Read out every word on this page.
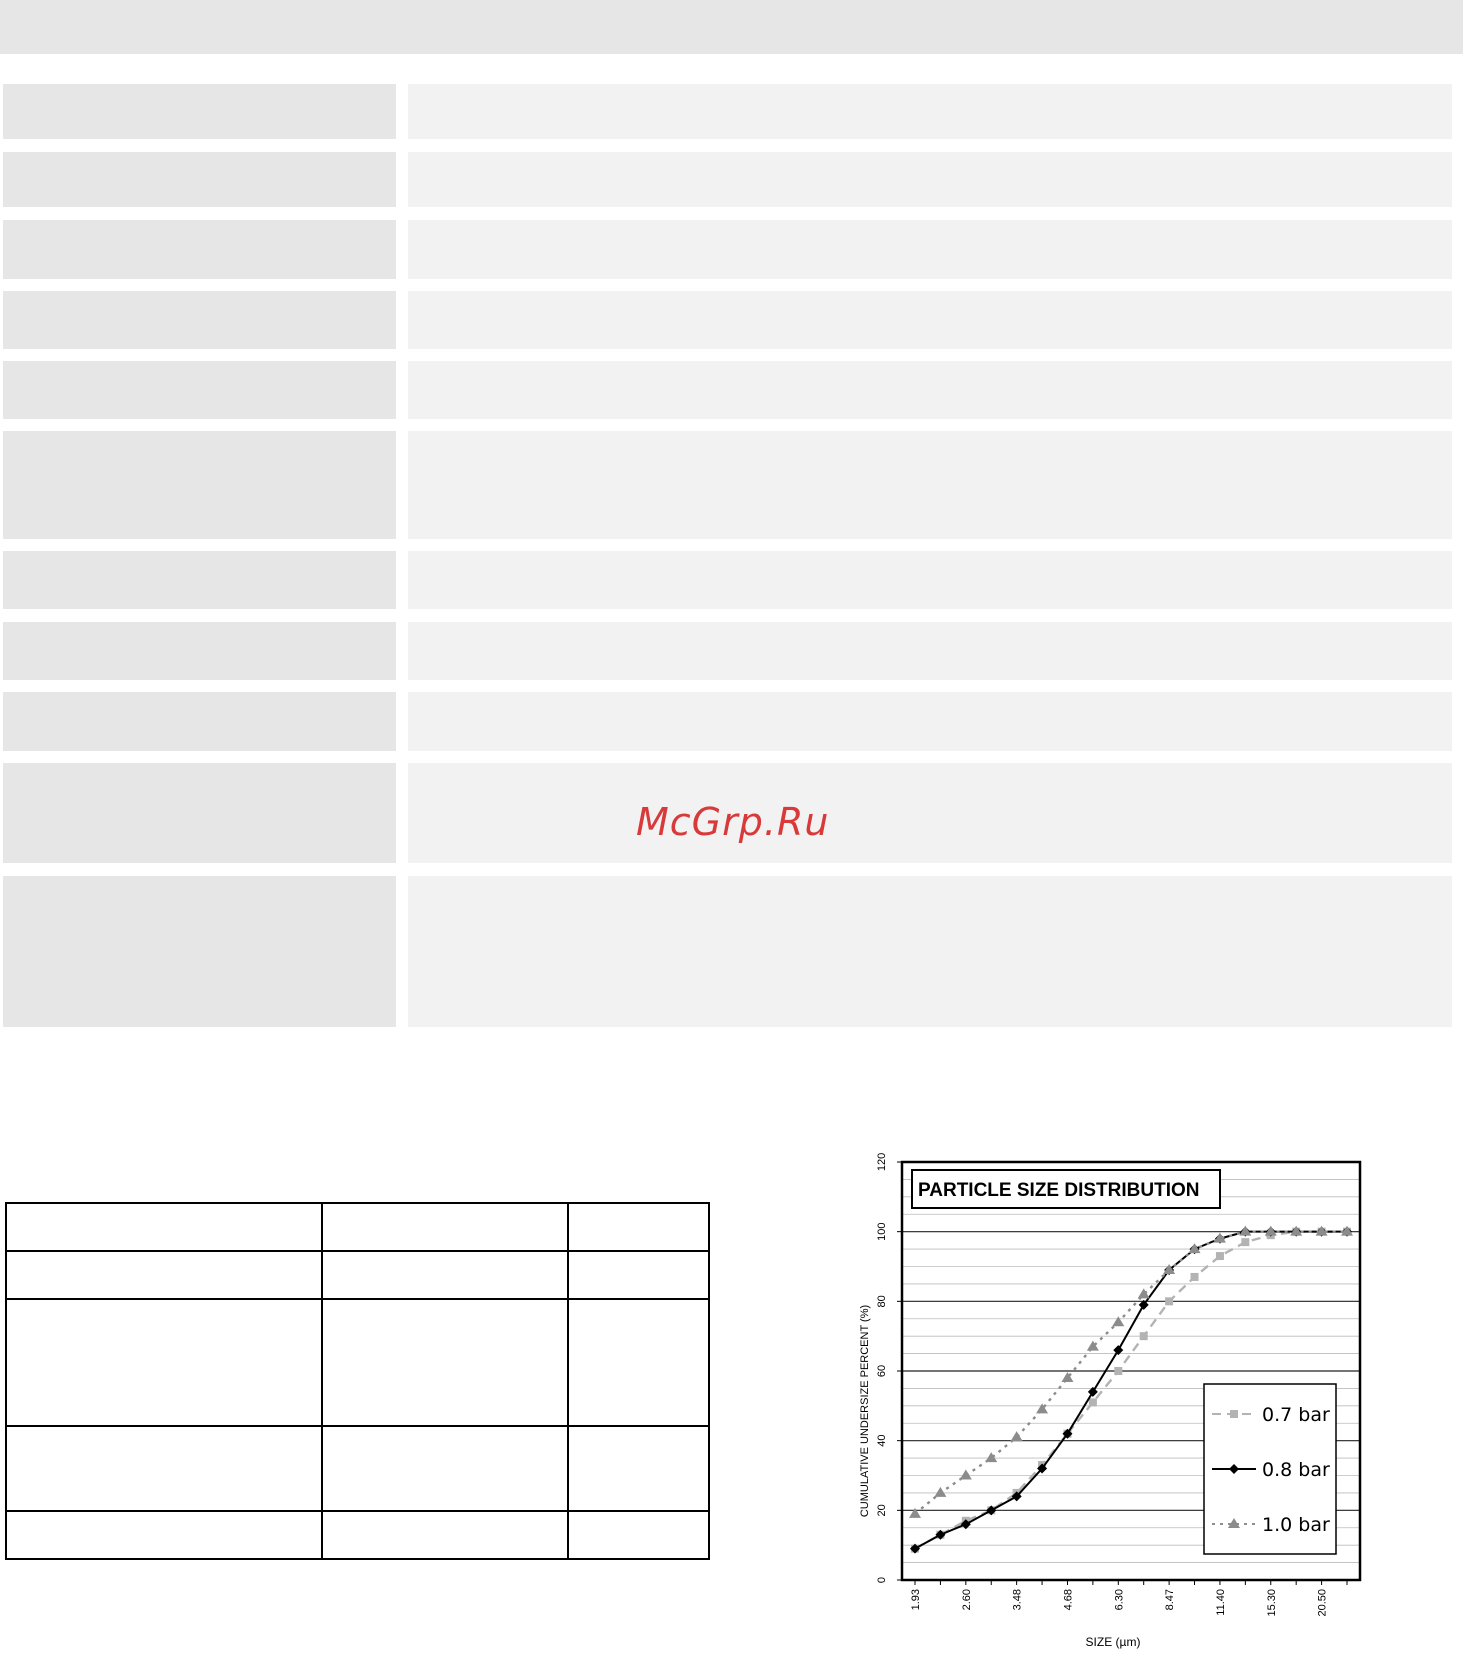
McGrp.Ru

0
20
40
60
80
100
120
1.93	2.60	3.48	4.68	6.30	8.47	11.40	15.30	20.50
PARTICLE SIZE DISTRIBUTION
0.7 bar
0.8 bar
1.0 bar
CUMULATIVE UNDERSIZE PERCENT (%)
SIZE (µm)
